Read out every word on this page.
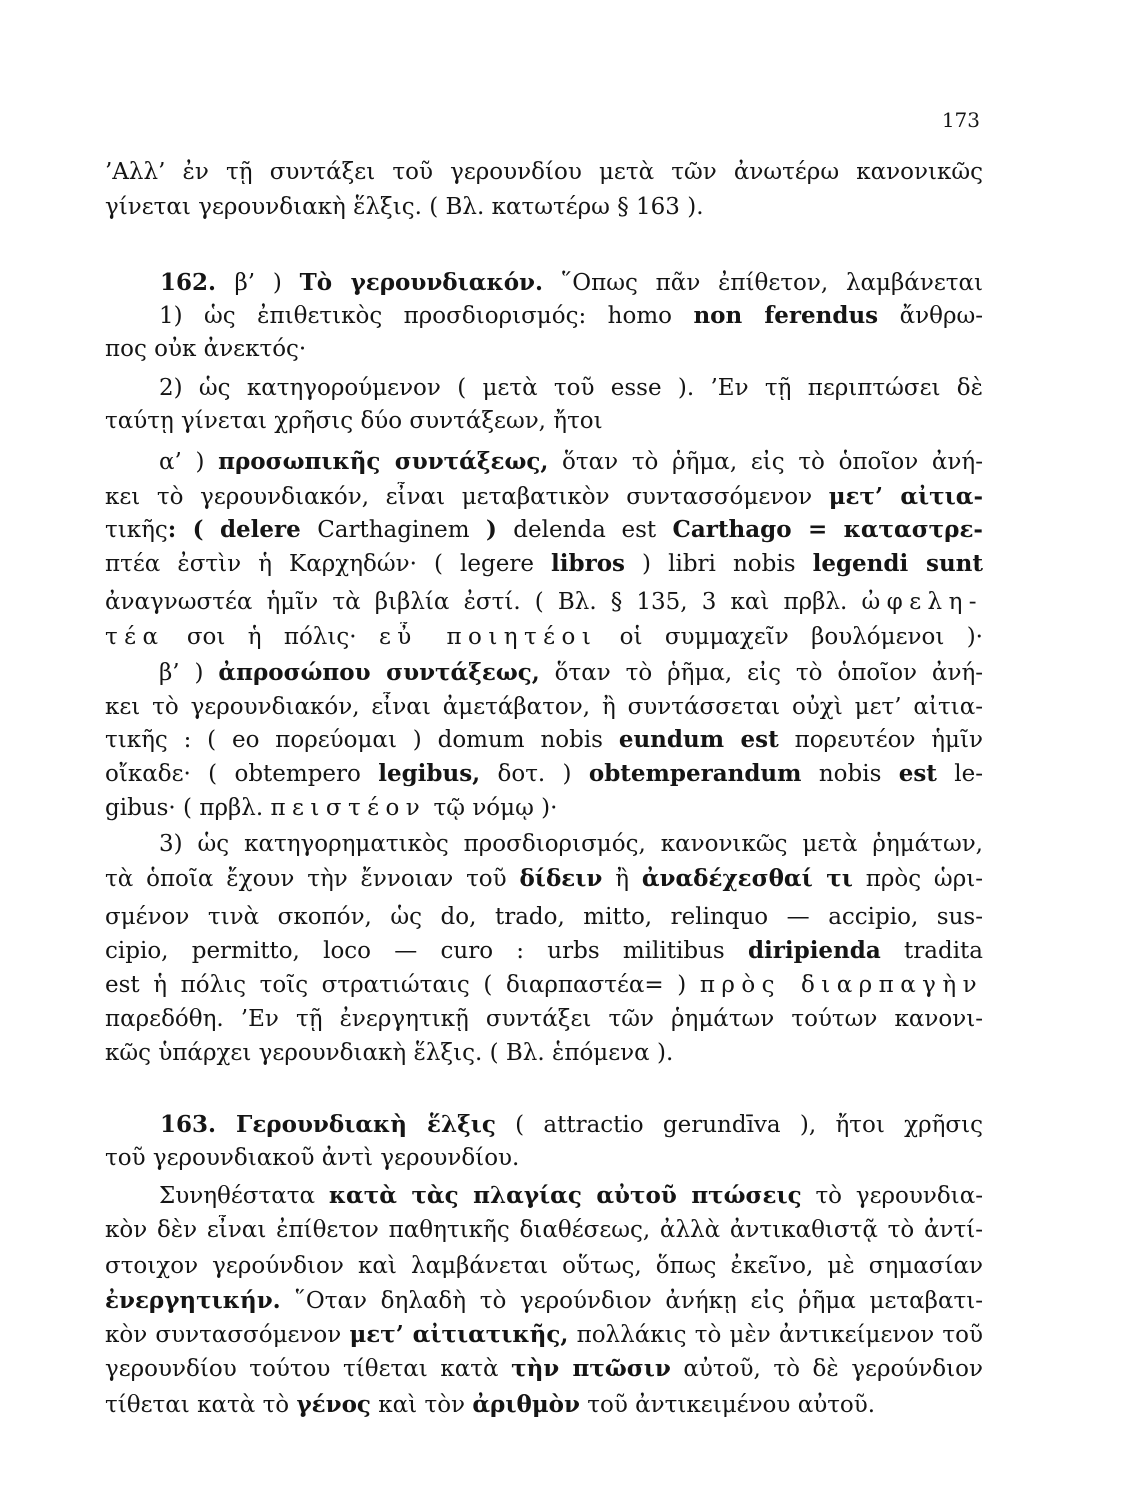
173
’Αλλ’ ἐν τῇ συντάξει τοῦ γερουνδίου μετὰ τῶν ἀνωτέρω κανονικῶς
γίνεται γερουνδιακὴ ἕλξις. ( Βλ. κατωτέρω § 163 ).
162. β’ ) Τὸ γερουνδιακόν. ῞Οπως πᾶν ἐπίθετον, λαμβάνεται
1) ὡς ἐπιθετικὸς προσδιορισμός: homo non ferendus ἄνθρω-
πος οὐκ ἀνεκτός·
2) ὡς κατηγορούμενον ( μετὰ τοῦ esse ). ’Εν τῇ περιπτώσει δὲ
ταύτῃ γίνεται χρῆσις δύο συντάξεων, ἤτοι
α’ ) προσωπικῆς συντάξεως, ὅταν τὸ ῥῆμα, εἰς τὸ ὁποῖον ἀνή-
κει τὸ γερουνδιακόν, εἶναι μεταβατικὸν συντασσόμενον μετ’ αἰτια-
τικῆς: ( delere Carthaginem ) delenda est Carthago = καταστρε-
πτέα ἐστὶν ἡ Καρχηδών· ( legere libros ) libri nobis legendi sunt
ἀναγνωστέα ἡμῖν τὰ βιβλία ἐστί. ( Βλ. § 135, 3 καὶ πρβλ. ὠφελη-
τέα σοι ἡ πόλις· εὖ ποιητέοι οἱ συμμαχεῖν βουλόμενοι )·
β’ ) ἀπροσώπου συντάξεως, ὅταν τὸ ῥῆμα, εἰς τὸ ὁποῖον ἀνή-
κει τὸ γερουνδιακόν, εἶναι ἀμετάβατον, ἢ συντάσσεται οὐχὶ μετ’ αἰτια-
τικῆς : ( eo πορεύομαι ) domum nobis eundum est πορευτέον ἡμῖν
οἴκαδε· ( obtempero legibus, δοτ. ) obtemperandum nobis est le-
gibus· ( πρβλ. πειστέον τῷ νόμῳ )·
3) ὡς κατηγορηματικὸς προσδιορισμός, κανονικῶς μετὰ ῥημάτων,
τὰ ὁποῖα ἔχουν τὴν ἔννοιαν τοῦ δίδειν ἢ ἀναδέχεσθαί τι πρὸς ὡρι-
σμένον τινὰ σκοπόν, ὡς do, trado, mitto, relinquo — accipio, sus-
cipio, permitto, loco — curo : urbs militibus diripienda tradita
est ἡ πόλις τοῖς στρατιώταις ( διαρπαστέα= ) πρὸς διαρπαγὴν
παρεδόθη. ’Εν τῇ ἐνεργητικῇ συντάξει τῶν ῥημάτων τούτων κανονι-
κῶς ὑπάρχει γερουνδιακὴ ἕλξις. ( Βλ. ἑπόμενα ).
163. Γερουνδιακὴ ἕλξις ( attractio gerundīva ), ἤτοι χρῆσις
τοῦ γερουνδιακοῦ ἀντὶ γερουνδίου.
Συνηθέστατα κατὰ τὰς πλαγίας αὐτοῦ πτώσεις τὸ γερουνδια-
κὸν δὲν εἶναι ἐπίθετον παθητικῆς διαθέσεως, ἀλλὰ ἀντικαθιστᾷ τὸ ἀντί-
στοιχον γερούνδιον καὶ λαμβάνεται οὕτως, ὅπως ἐκεῖνο, μὲ σημασίαν
ἐνεργητικήν. ῞Οταν δηλαδὴ τὸ γερούνδιον ἀνήκῃ εἰς ῥῆμα μεταβατι-
κὸν συντασσόμενον μετ’ αἰτιατικῆς, πολλάκις τὸ μὲν ἀντικείμενον τοῦ
γερουνδίου τούτου τίθεται κατὰ τὴν πτῶσιν αὐτοῦ, τὸ δὲ γερούνδιον
τίθεται κατὰ τὸ γένος καὶ τὸν ἀριθμὸν τοῦ ἀντικειμένου αὐτοῦ.
